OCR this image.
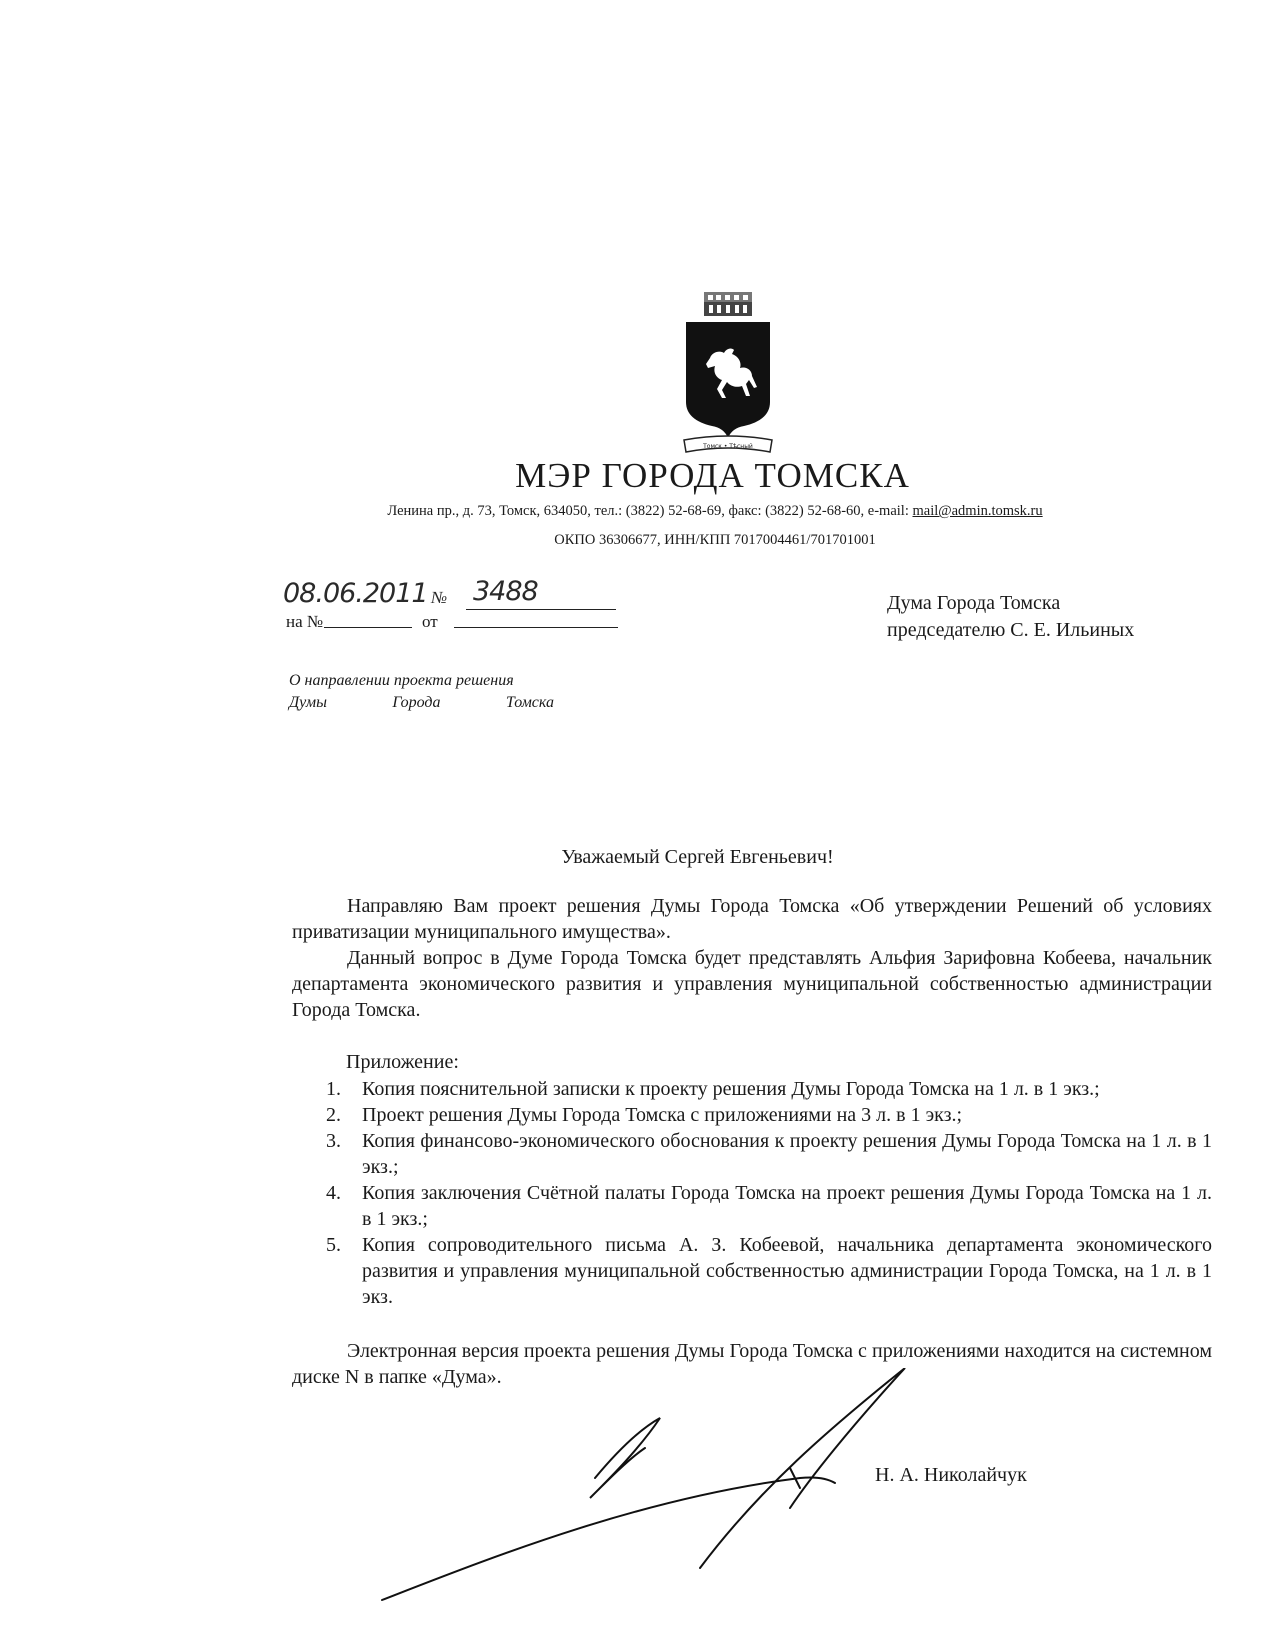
Томск • Тѣсный
МЭР ГОРОДА ТОМСКА
Ленина пр., д. 73, Томск, 634050, тел.: (3822) 52-68-69, факс: (3822) 52-68-60, e-mail: mail@admin.tomsk.ru
ОКПО 36306677, ИНН/КПП 7017004461/701701001
08.06.2011 № 3488
на №	от
Дума Города Томска
председателю С. Е. Ильиных
О направлении проекта решения
Думы	Города	Томска
Уважаемый Сергей Евгеньевич!
Направляю Вам проект решения Думы Города Томска «Об утверждении Решений об условиях приватизации муниципального имущества».
Данный вопрос в Думе Города Томска будет представлять Альфия Зарифовна Кобеева, начальник департамента экономического развития и управления муниципальной собственностью администрации Города Томска.
Приложение:
1. Копия пояснительной записки к проекту решения Думы Города Томска на 1 л. в 1 экз.;
2. Проект решения Думы Города Томска с приложениями на 3 л. в 1 экз.;
3. Копия финансово-экономического обоснования к проекту решения Думы Города Томска на 1 л. в 1 экз.;
4. Копия заключения Счётной палаты Города Томска на проект решения Думы Города Томска на 1 л. в 1 экз.;
5. Копия сопроводительного письма А. З. Кобеевой, начальника департамента экономического развития и управления муниципальной собственностью администрации Города Томска, на 1 л. в 1 экз.
Электронная версия проекта решения Думы Города Томска с приложениями находится на системном диске N в папке «Дума».
Н. А. Николайчук
